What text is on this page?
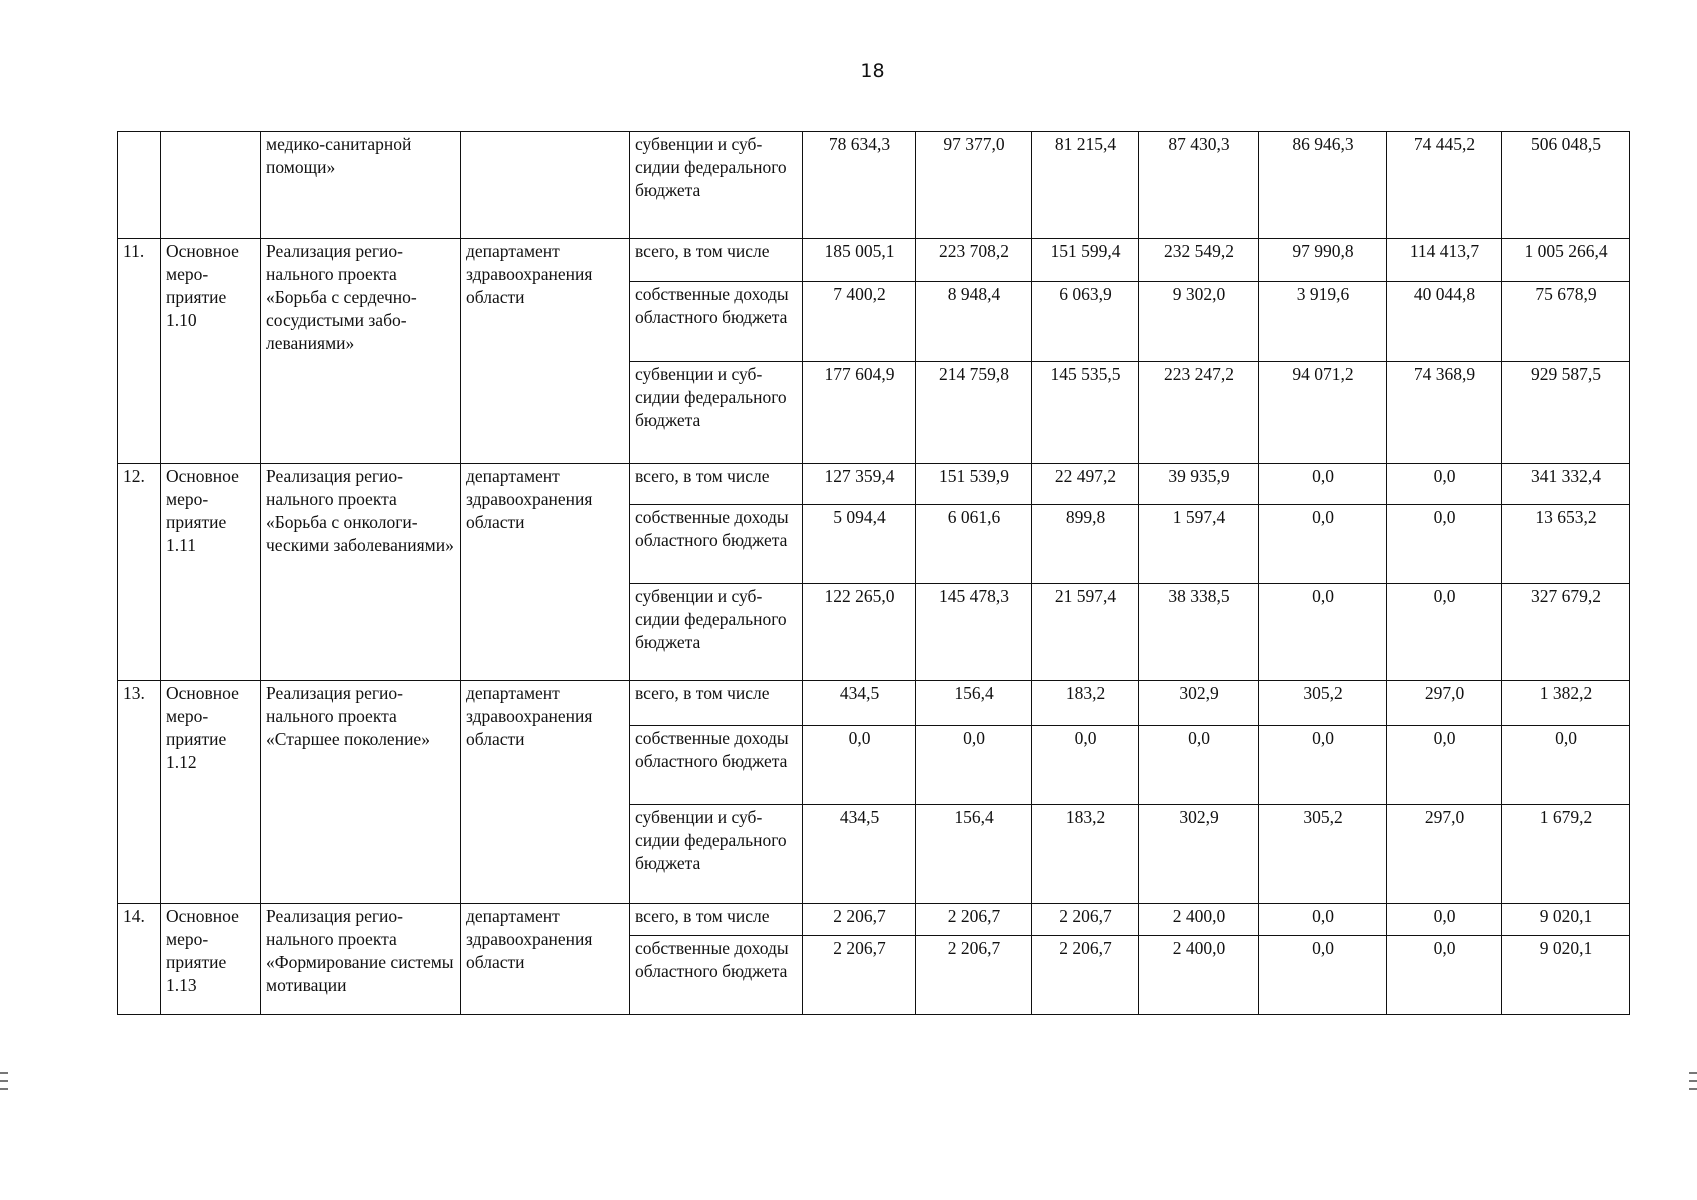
18
		медико-санитарной помощи»		субвенции и субсидии федерального бюджета	78 634,3	97 377,0	81 215,4	87 430,3	86 946,3	74 445,2	506 048,5
11.	Основное мероприятие 1.10	Реализация регионального проекта «Борьба с сердечнососудистыми заболеваниями»	департамент здравоохранения области	всего, в том числе	185 005,1	223 708,2	151 599,4	232 549,2	97 990,8	114 413,7	1 005 266,4
				собственные доходы областного бюджета	7 400,2	8 948,4	6 063,9	9 302,0	3 919,6	40 044,8	75 678,9
				субвенции и субсидии федерального бюджета	177 604,9	214 759,8	145 535,5	223 247,2	94 071,2	74 368,9	929 587,5
12.	Основное мероприятие 1.11	Реализация регионального проекта «Борьба с онкологическими заболеваниями»	департамент здравоохранения области	всего, в том числе	127 359,4	151 539,9	22 497,2	39 935,9	0,0	0,0	341 332,4
				собственные доходы областного бюджета	5 094,4	6 061,6	899,8	1 597,4	0,0	0,0	13 653,2
				субвенции и субсидии федерального бюджета	122 265,0	145 478,3	21 597,4	38 338,5	0,0	0,0	327 679,2
13.	Основное мероприятие 1.12	Реализация регионального проекта «Старшее поколение»	департамент здравоохранения области	всего, в том числе	434,5	156,4	183,2	302,9	305,2	297,0	1 382,2
				собственные доходы областного бюджета	0,0	0,0	0,0	0,0	0,0	0,0	0,0
				субвенции и субсидии федерального бюджета	434,5	156,4	183,2	302,9	305,2	297,0	1 679,2
14.	Основное мероприятие 1.13	Реализация регионального проекта «Формирование системы мотивации	департамент здравоохранения области	всего, в том числе	2 206,7	2 206,7	2 206,7	2 400,0	0,0	0,0	9 020,1
				собственные доходы областного бюджета	2 206,7	2 206,7	2 206,7	2 400,0	0,0	0,0	9 020,1
